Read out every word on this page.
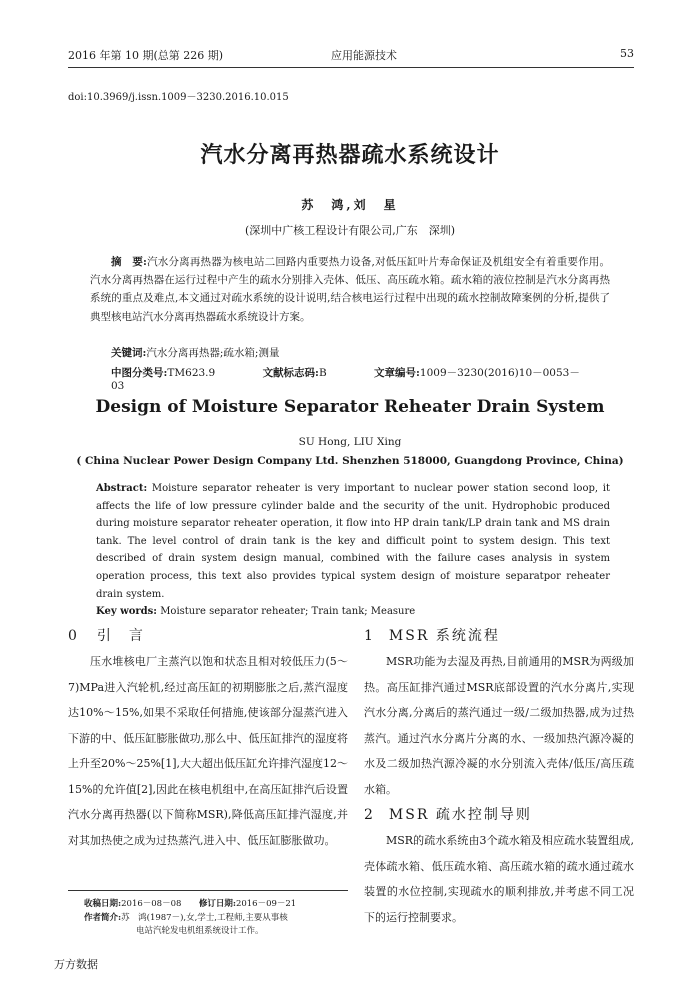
2016 年第 10 期(总第 226 期)	应用能源技术	53
doi:10.3969/j.issn.1009－3230.2016.10.015
汽水分离再热器疏水系统设计
苏　鸿,刘　星
(深圳中广核工程设计有限公司,广东　深圳)
摘　要:汽水分离再热器为核电站二回路内重要热力设备,对低压缸叶片寿命保证及机组安全有着重要作用。汽水分离再热器在运行过程中产生的疏水分别排入壳体、低压、高压疏水箱。疏水箱的液位控制是汽水分离再热系统的重点及难点,本文通过对疏水系统的设计说明,结合核电运行过程中出现的疏水控制故障案例的分析,提供了典型核电站汽水分离再热器疏水系统设计方案。
关键词:汽水分离再热器;疏水箱;测量
中图分类号:TM623.9	文献标志码:B	文章编号:1009－3230(2016)10－0053－03
Design of Moisture Separator Reheater Drain System
SU Hong, LIU Xing
( China Nuclear Power Design Company Ltd. Shenzhen 518000, Guangdong Province, China)
Abstract: Moisture separator reheater is very important to nuclear power station second loop, it affects the life of low pressure cylinder balde and the security of the unit. Hydrophobic produced during moisture separator reheater operation, it flow into HP drain tank/LP drain tank and MS drain tank. The level control of drain tank is the key and difficult point to system design. This text described of drain system design manual, combined with the failure cases analysis in system operation process, this text also provides typical system design of moisture separatpor reheater drain system.
Key words: Moisture separator reheater; Train tank; Measure
0 引　言

压水堆核电厂主蒸汽以饱和状态且相对较低压力(5～7)MPa进入汽轮机,经过高压缸的初期膨胀之后,蒸汽湿度达10%～15%,如果不采取任何措施,使该部分湿蒸汽进入下游的中、低压缸膨胀做功,那么中、低压缸排汽的湿度将上升至20%～25%[1],大大超出低压缸允许排汽湿度12～15%的允许值[2],因此在核电机组中,在高压缸排汽后设置汽水分离再热器(以下简称MSR),降低高压缸排汽湿度,并对其加热使之成为过热蒸汽,进入中、低压缸膨胀做功。

收稿日期:2016－08－08 修订日期:2016－09－21
作者简介:苏　鸿(1987－),女,学士,工程师,主要从事核
电站汽轮发电机组系统设计工作。
1 MSR 系统流程

MSR功能为去湿及再热,目前通用的MSR为两级加热。高压缸排汽通过MSR底部设置的汽水分离片,实现汽水分离,分离后的蒸汽通过一级/二级加热器,成为过热蒸汽。通过汽水分离片分离的水、一级加热汽源冷凝的水及二级加热汽源冷凝的水分别流入壳体/低压/高压疏水箱。

2 MSR 疏水控制导则

MSR的疏水系统由3个疏水箱及相应疏水装置组成,壳体疏水箱、低压疏水箱、高压疏水箱的疏水通过疏水装置的水位控制,实现疏水的顺利排放,并考虑不同工况下的运行控制要求。

万方数据
